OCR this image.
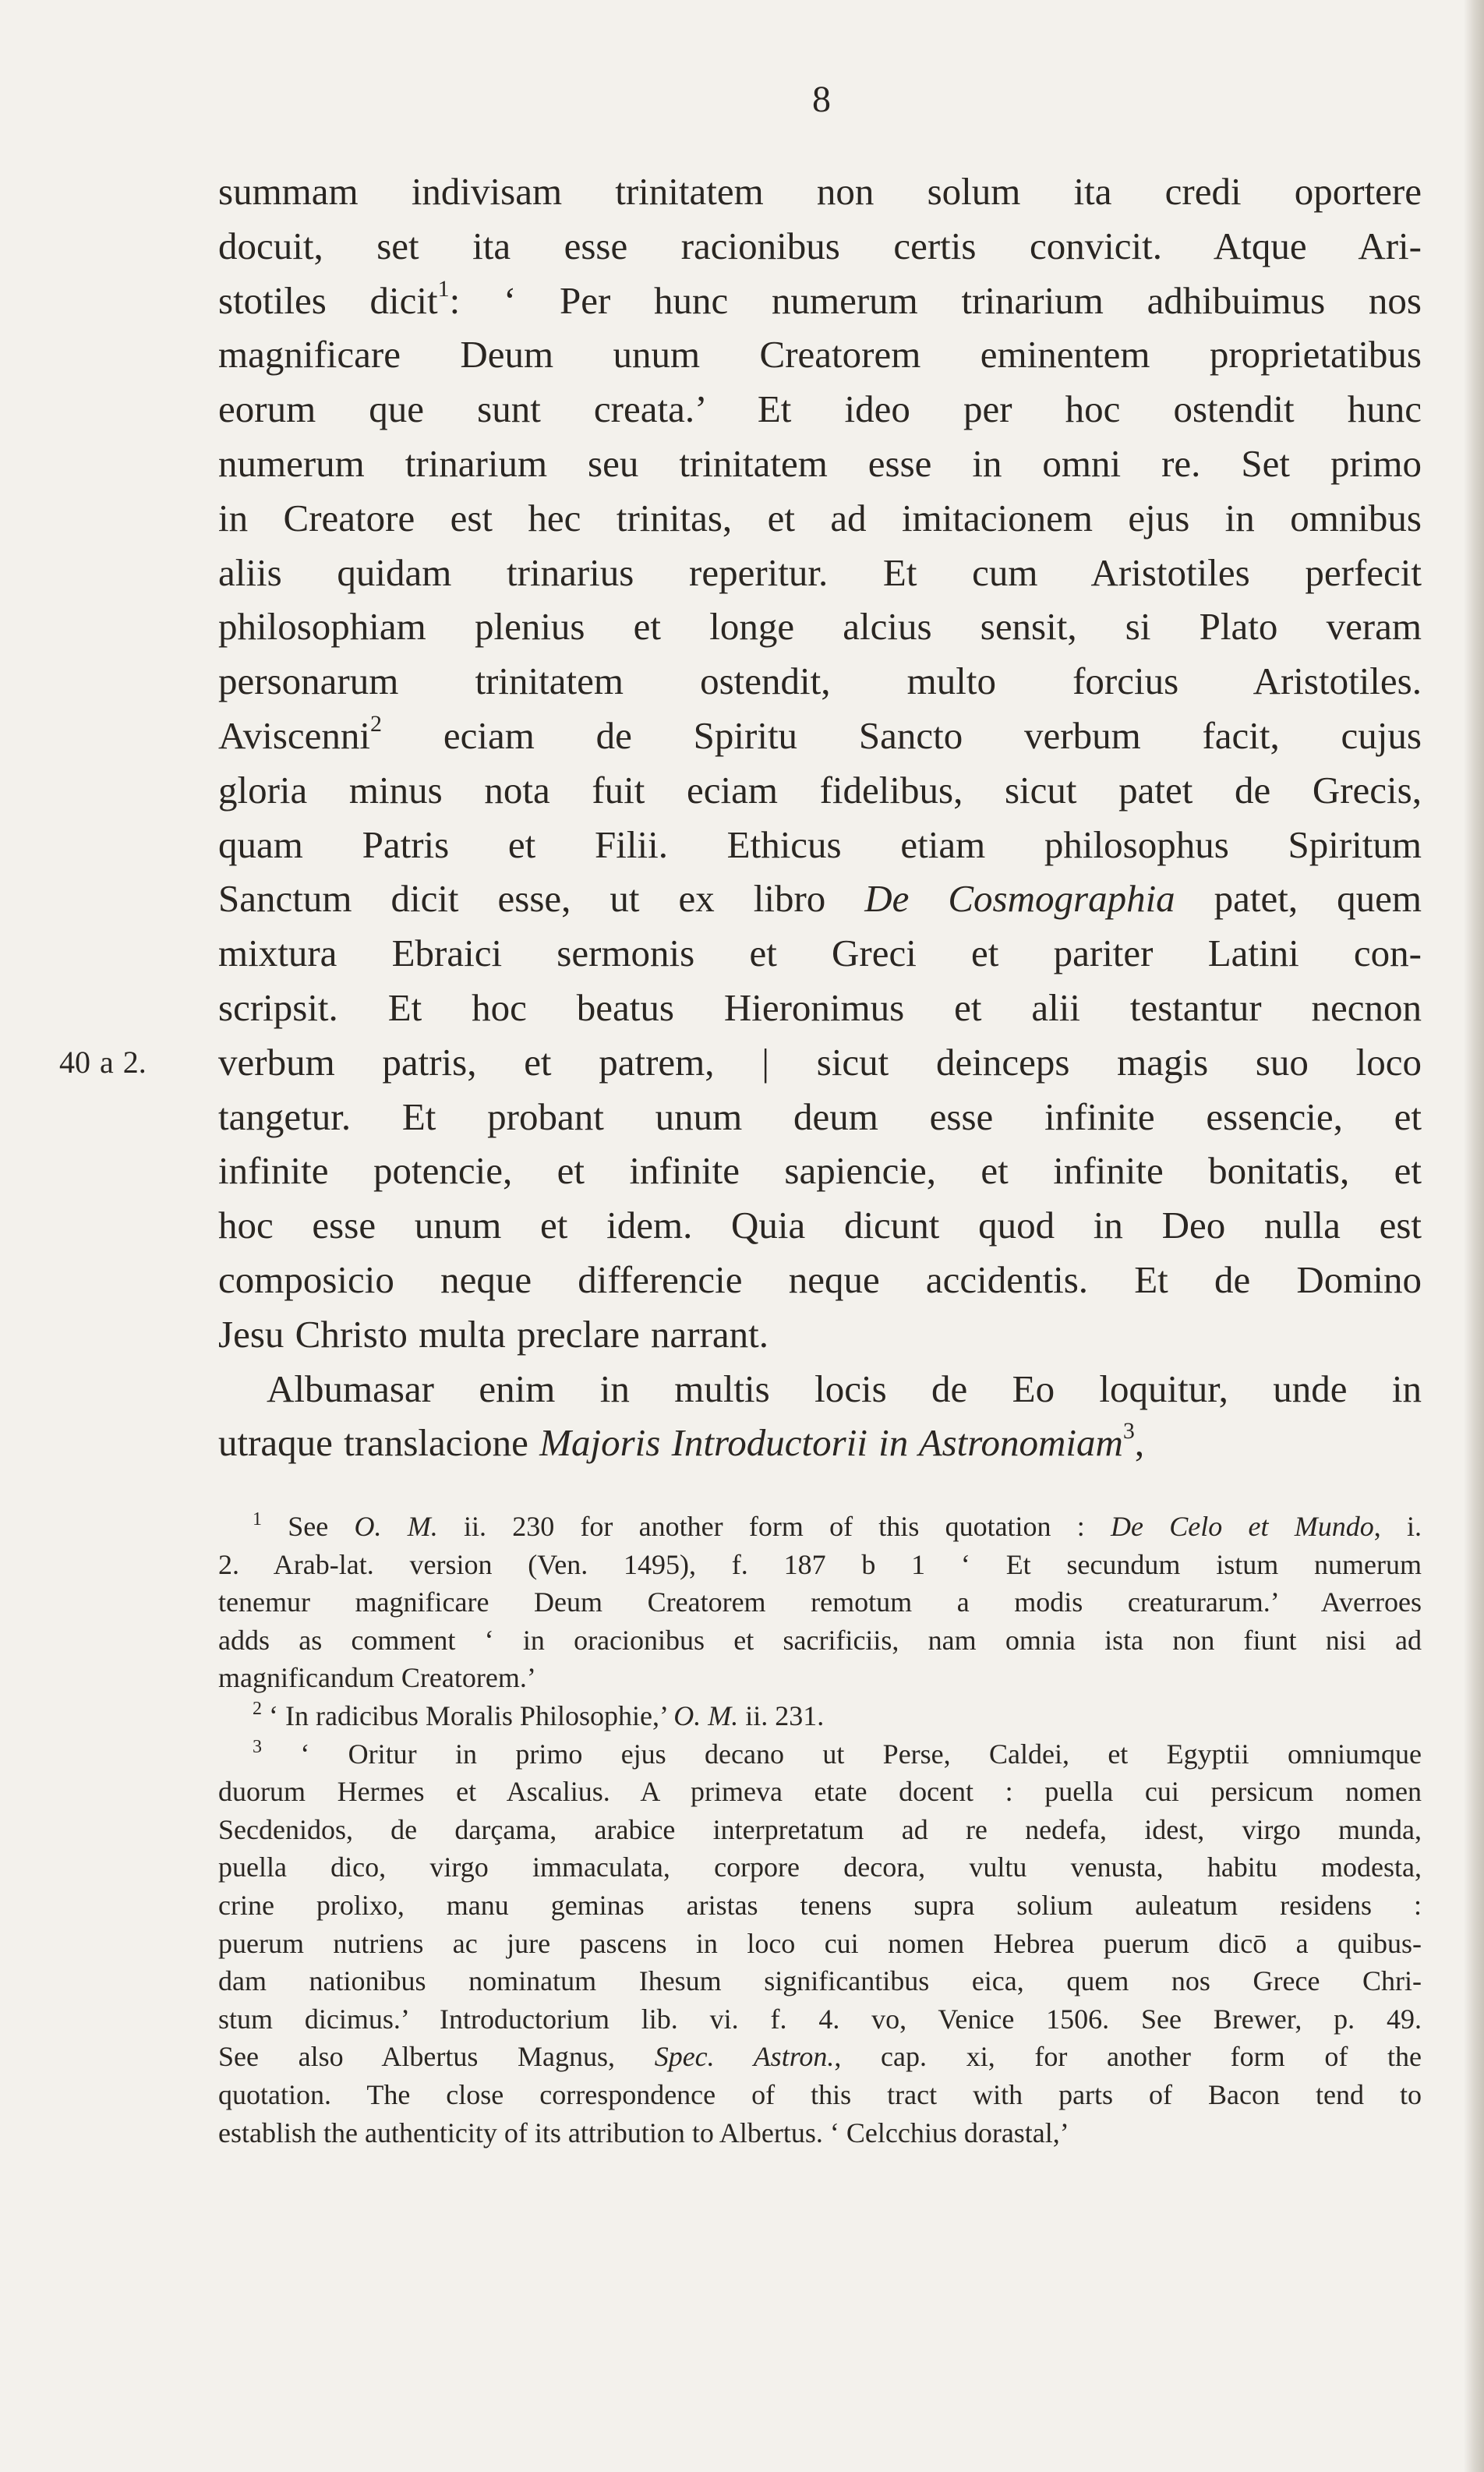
8
summam indivisam trinitatem non solum ita credi oportere
docuit, set ita esse racionibus certis convicit. Atque Ari-
stotiles dicit$^1$: ‘ Per hunc numerum trinarium adhibuimus nos
magnificare Deum unum Creatorem eminentem proprietatibus
eorum que sunt creata.’ Et ideo per hoc ostendit hunc
numerum trinarium seu trinitatem esse in omni re. Set primo
in Creatore est hec trinitas, et ad imitacionem ejus in omnibus
aliis quidam trinarius reperitur. Et cum Aristotiles perfecit
philosophiam plenius et longe alcius sensit, si Plato veram
personarum trinitatem ostendit, multo forcius Aristotiles.
Aviscenni$^2$ eciam de Spiritu Sancto verbum facit, cujus
gloria minus nota fuit eciam fidelibus, sicut patet de Grecis,
quam Patris et Filii. Ethicus etiam philosophus Spiritum
Sanctum dicit esse, ut ex libro De Cosmographia patet, quem
mixtura Ebraici sermonis et Greci et pariter Latini con-
scripsit. Et hoc beatus Hieronimus et alii testantur necnon
40 a 2. verbum patris, et patrem, | sicut deinceps magis suo loco
tangetur. Et probant unum deum esse infinite essencie, et
infinite potencie, et infinite sapiencie, et infinite bonitatis, et
hoc esse unum et idem. Quia dicunt quod in Deo nulla est
composicio neque differencie neque accidentis. Et de Domino
Jesu Christo multa preclare narrant.
Albumasar enim in multis locis de Eo loquitur, unde in
utraque translacione Majoris Introductorii in Astronomiam$^3$,
$^1$ See O. M. ii. 230 for another form of this quotation : De Celo et Mundo, i.
2. Arab-lat. version (Ven. 1495), f. 187 b 1 ‘ Et secundum istum numerum
tenemur magnificare Deum Creatorem remotum a modis creaturarum.’ Averroes
adds as comment ‘ in oracionibus et sacrificiis, nam omnia ista non fiunt nisi ad
magnificandum Creatorem.’
$^2$ ‘ In radicibus Moralis Philosophie,’ O. M. ii. 231.
$^3$ ‘ Oritur in primo ejus decano ut Perse, Caldei, et Egyptii omniumque
duorum Hermes et Ascalius. A primeva etate docent : puella cui persicum nomen
Secdenidos, de darçama, arabice interpretatum ad re nedefa, idest, virgo munda,
puella dico, virgo immaculata, corpore decora, vultu venusta, habitu modesta,
crine prolixo, manu geminas aristas tenens supra solium auleatum residens :
puerum nutriens ac jure pascens in loco cui nomen Hebrea puerum dicō a quibus-
dam nationibus nominatum Ihesum significantibus eica, quem nos Grece Chri-
stum dicimus.’ Introductorium lib. vi. f. 4. vo, Venice 1506. See Brewer, p. 49.
See also Albertus Magnus, Spec. Astron., cap. xi, for another form of the
quotation. The close correspondence of this tract with parts of Bacon tend to
establish the authenticity of its attribution to Albertus. ‘ Celcchius dorastal,’
